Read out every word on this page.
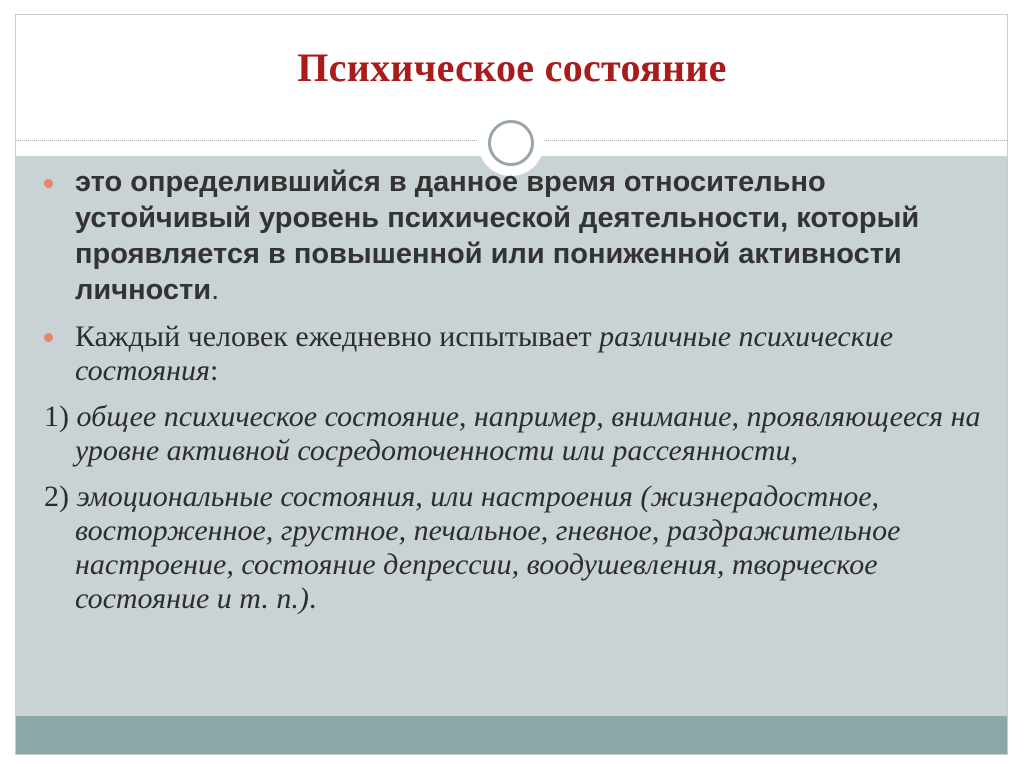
Психическое состояние

это определившийся в данное время относительно устойчивый уровень психической деятельности, который проявляется в повышенной или пониженной активности личности.

Каждый человек ежедневно испытывает различные психические состояния:

1) общее психическое состояние, например, внимание, проявляющееся на уровне активной сосредоточенности или рассеянности,

2) эмоциональные состояния, или настроения (жизнерадостное, восторженное, грустное, печальное, гневное, раздражительное настроение, состояние депрессии, воодушевления, творческое состояние и т. п.).
